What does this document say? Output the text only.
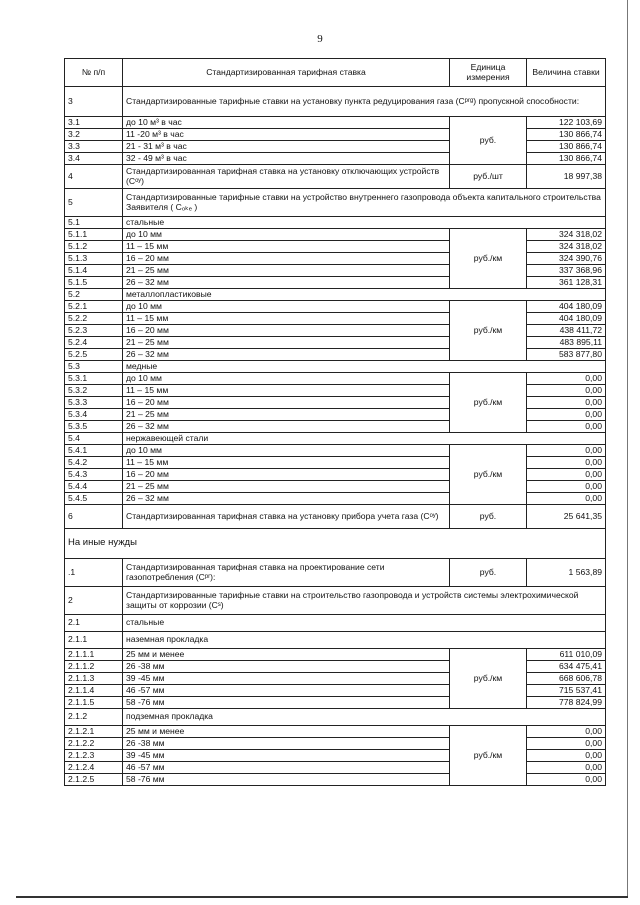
9
№ п/п	Стандартизированная тарифная ставка	Единица измерения	Величина ставки
3	Стандартизированные тарифные ставки на установку пункта редуцирования газа (Cᵖʳᵍ) пропускной способности:		
3.1	до 10 м³ в час	руб.	122 103,69
3.2	11 -20 м³ в час		130 866,74
3.3	21 - 31 м³ в час		130 866,74
3.4	32 - 49 м³ в час		130 866,74
4	Стандартизированная тарифная ставка на установку отключающих устройств (Cᵒʸ)	руб./шт	18 997,38
5	Стандартизированные тарифные ставки на устройство внутреннего газопровода объекта капитального строительства Заявителя ( Cₒₖₑ )		
5.1	стальные		
5.1.1	до 10 мм	руб./км	324 318,02
5.1.2	11 – 15 мм		324 318,02
5.1.3	16 – 20 мм		324 390,76
5.1.4	21 – 25 мм		337 368,96
5.1.5	26 – 32 мм		361 128,31
5.2	металлопластиковые		
5.2.1	до 10 мм	руб./км	404 180,09
5.2.2	11 – 15 мм		404 180,09
5.2.3	16 – 20 мм		438 411,72
5.2.4	21 – 25 мм		483 895,11
5.2.5	26 – 32 мм		583 877,80
5.3	медные		
5.3.1	до 10 мм	руб./км	0,00
5.3.2	11 – 15 мм		0,00
5.3.3	16 – 20 мм		0,00
5.3.4	21 – 25 мм		0,00
5.3.5	26 – 32 мм		0,00
5.4	нержавеющей стали		
5.4.1	до 10 мм	руб./км	0,00
5.4.2	11 – 15 мм		0,00
5.4.3	16 – 20 мм		0,00
5.4.4	21 – 25 мм		0,00
5.4.5	26 – 32 мм		0,00
6	Стандартизированная тарифная ставка на установку прибора учета газа (Cᵒʸ)	руб.	25 641,35
На иные нужды			
.1	Стандартизированная тарифная ставка на проектирование сети газопотребления (Cᵖʳ):	руб.	1 563,89
2	Стандартизированные тарифные ставки на строительство газопровода и устройств системы электрохимической защиты от коррозии (Cˢ)		
2.1	стальные		
2.1.1	наземная прокладка		
2.1.1.1	25 мм и менее	руб./км	611 010,09
2.1.1.2	26 -38 мм		634 475,41
2.1.1.3	39 -45 мм		668 606,78
2.1.1.4	46 -57 мм		715 537,41
2.1.1.5	58 -76 мм		778 824,99
2.1.2	подземная прокладка		
2.1.2.1	25 мм и менее	руб./км	0,00
2.1.2.2	26 -38 мм		0,00
2.1.2.3	39 -45 мм		0,00
2.1.2.4	46 -57 мм		0,00
2.1.2.5	58 -76 мм		0,00
